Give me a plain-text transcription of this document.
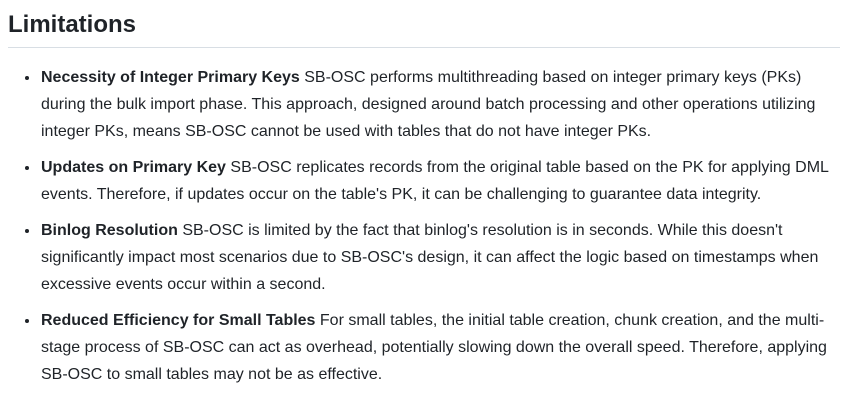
Limitations
• Necessity of Integer Primary Keys SB-OSC performs multithreading based on integer primary keys (PKs) during the bulk import phase. This approach, designed around batch processing and other operations utilizing integer PKs, means SB-OSC cannot be used with tables that do not have integer PKs.
• Updates on Primary Key SB-OSC replicates records from the original table based on the PK for applying DML events. Therefore, if updates occur on the table's PK, it can be challenging to guarantee data integrity.
• Binlog Resolution SB-OSC is limited by the fact that binlog's resolution is in seconds. While this doesn't significantly impact most scenarios due to SB-OSC's design, it can affect the logic based on timestamps when excessive events occur within a second.
• Reduced Efficiency for Small Tables For small tables, the initial table creation, chunk creation, and the multi-stage process of SB-OSC can act as overhead, potentially slowing down the overall speed. Therefore, applying SB-OSC to small tables may not be as effective.
